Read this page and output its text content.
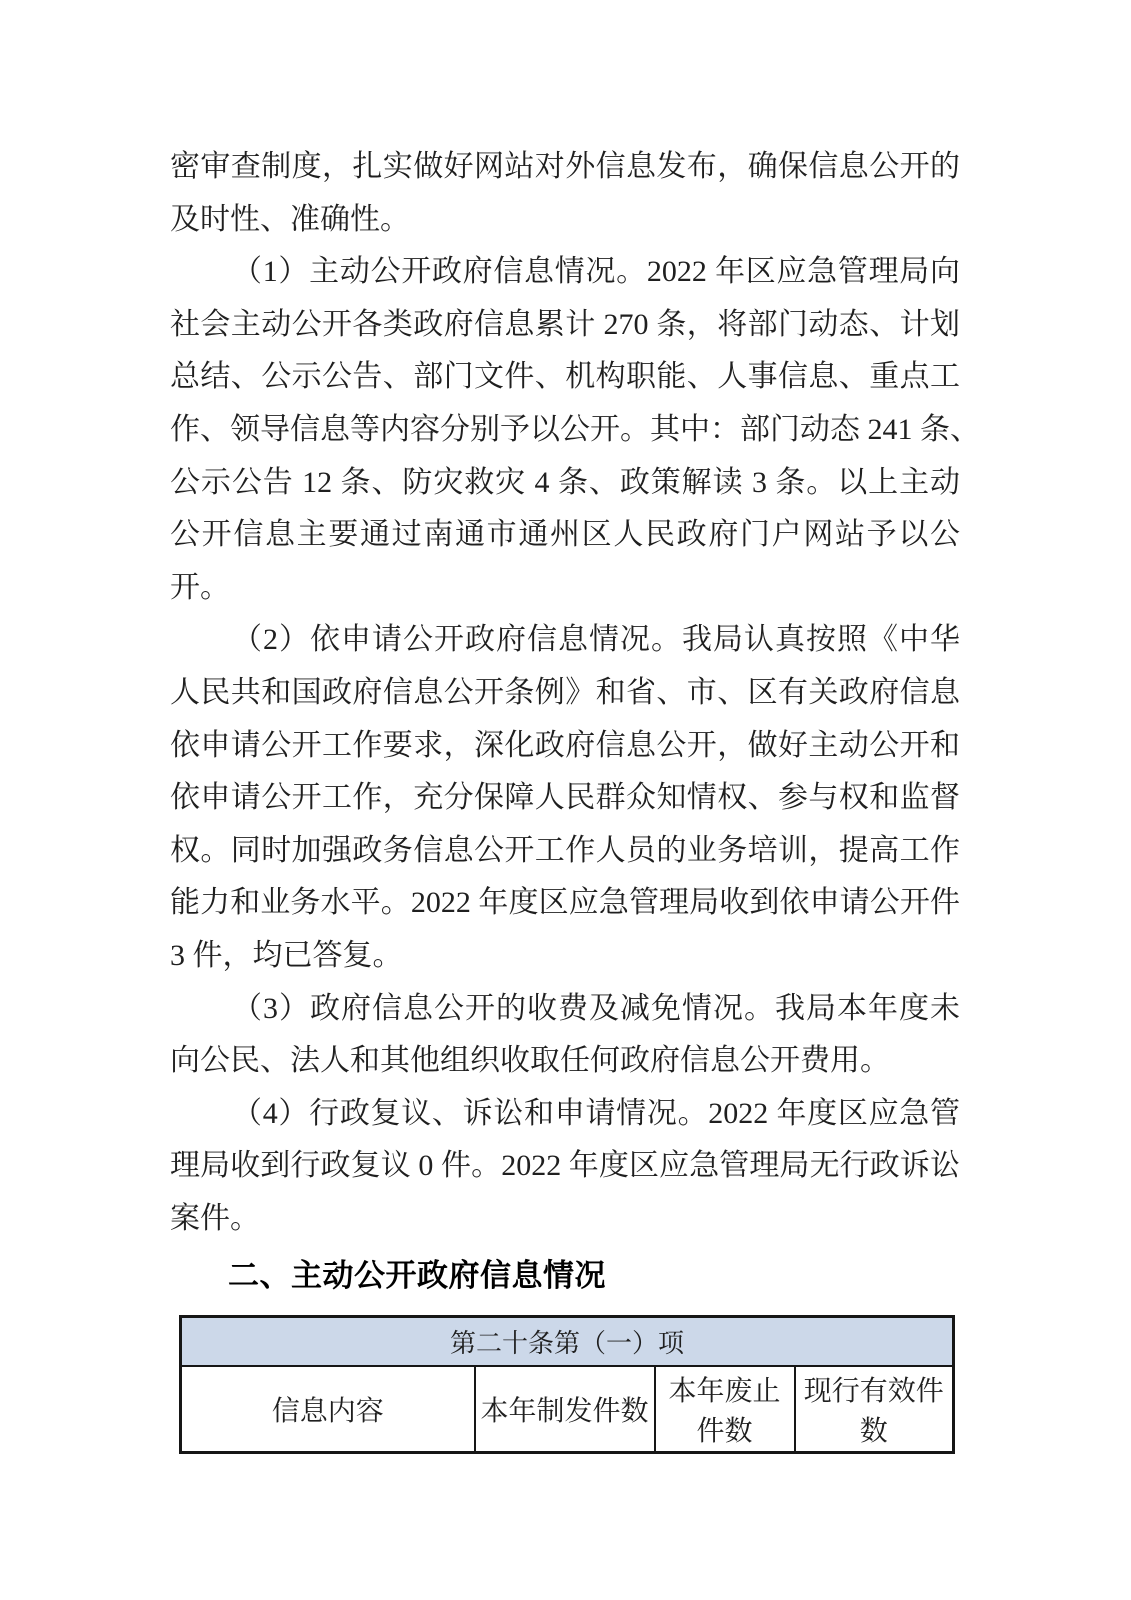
密审查制度，扎实做好网站对外信息发布，确保信息公开的
及时性、准确性。
（1）主动公开政府信息情况。2022 年区应急管理局向
社会主动公开各类政府信息累计 270 条，将部门动态、计划
总结、公示公告、部门文件、机构职能、人事信息、重点工
作、领导信息等内容分别予以公开。其中：部门动态 241 条、
公示公告 12 条、防灾救灾 4 条、政策解读 3 条。以上主动
公开信息主要通过南通市通州区人民政府门户网站予以公
开。
（2）依申请公开政府信息情况。我局认真按照《中华
人民共和国政府信息公开条例》和省、市、区有关政府信息
依申请公开工作要求，深化政府信息公开，做好主动公开和
依申请公开工作，充分保障人民群众知情权、参与权和监督
权。同时加强政务信息公开工作人员的业务培训，提高工作
能力和业务水平。2022 年度区应急管理局收到依申请公开件
3 件，均已答复。
（3）政府信息公开的收费及减免情况。我局本年度未
向公民、法人和其他组织收取任何政府信息公开费用。
（4）行政复议、诉讼和申请情况。2022 年度区应急管
理局收到行政复议 0 件。2022 年度区应急管理局无行政诉讼
案件。
二、主动公开政府信息情况
第二十条第（一）项
信息内容	本年制发件数	本年废止件数	现行有效件数
